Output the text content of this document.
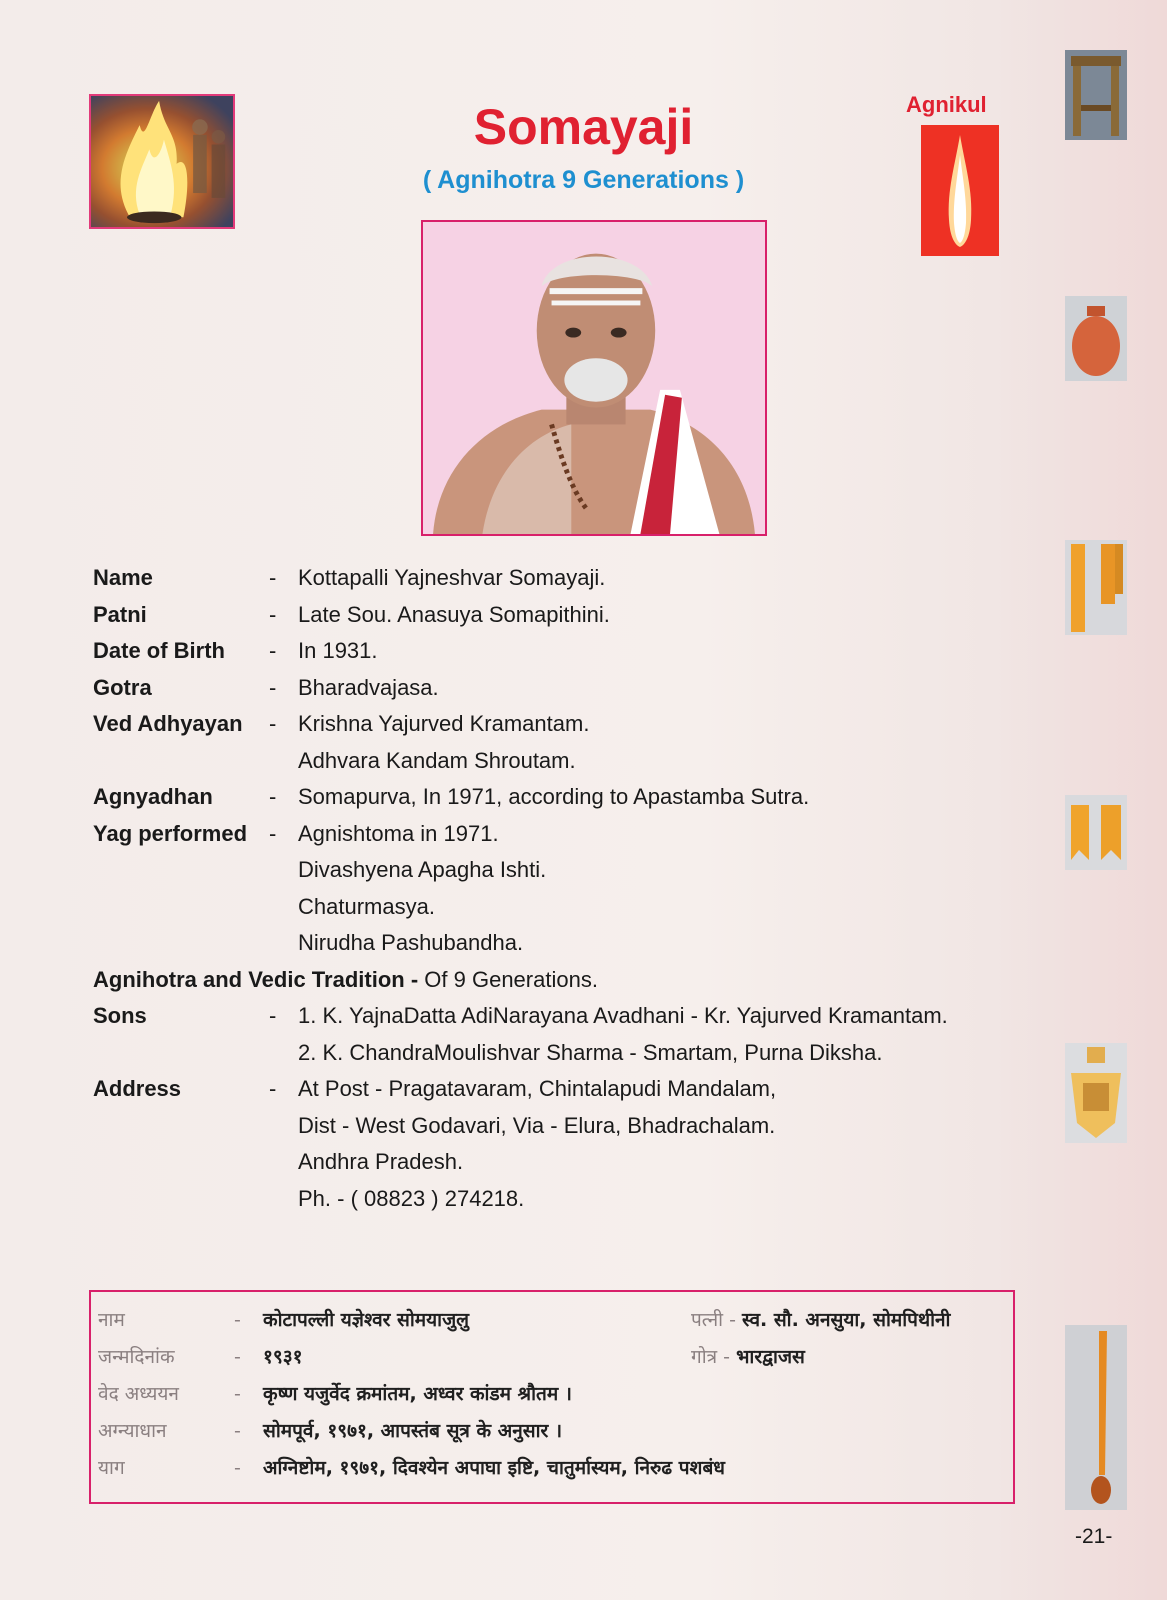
Somayaji
( Agnihotra 9 Generations )
Agnikul
Name	- Kottapalli Yajneshvar Somayaji.
Patni	- Late Sou. Anasuya Somapithini.
Date of Birth - In 1931.
Gotra	- Bharadvajasa.
Ved Adhyayan - Krishna Yajurved Kramantam.
Adhvara Kandam Shroutam.
Agnyadhan	- Somapurva, In 1971, according to Apastamba Sutra.
Yag performed - Agnishtoma in 1971.
Divashyena Apagha Ishti.
Chaturmasya.
Nirudha Pashubandha.
Agnihotra and Vedic Tradition - Of 9 Generations.
Sons	- 1. K. YajnaDatta AdiNarayana Avadhani - Kr. Yajurved Kramantam.
2. K. ChandraMoulishvar Sharma - Smartam, Purna Diksha.
Address	- At Post - Pragatavaram, Chintalapudi Mandalam,
Dist - West Godavari, Via - Elura, Bhadrachalam.
Andhra Pradesh.
Ph. - ( 08823 ) 274218.
नाम	- कोटापल्ली यज्ञेश्वर सोमयाजुलु	पत्नी - स्व. सौ. अनसुया, सोमपिथीनी
जन्मदिनांक	- १९३१	गोत्र - भारद्वाजस
वेद अध्ययन	- कृष्ण यजुर्वेद क्रमांतम, अध्वर कांडम श्रौतम ।
अग्न्याधान	- सोमपूर्व, १९७१, आपस्तंब सूत्र के अनुसार ।
याग	- अग्निष्टोम, १९७१, दिवश्येन अपाघा इष्टि, चातुर्मास्यम, निरुढ पशबंध
-21-
